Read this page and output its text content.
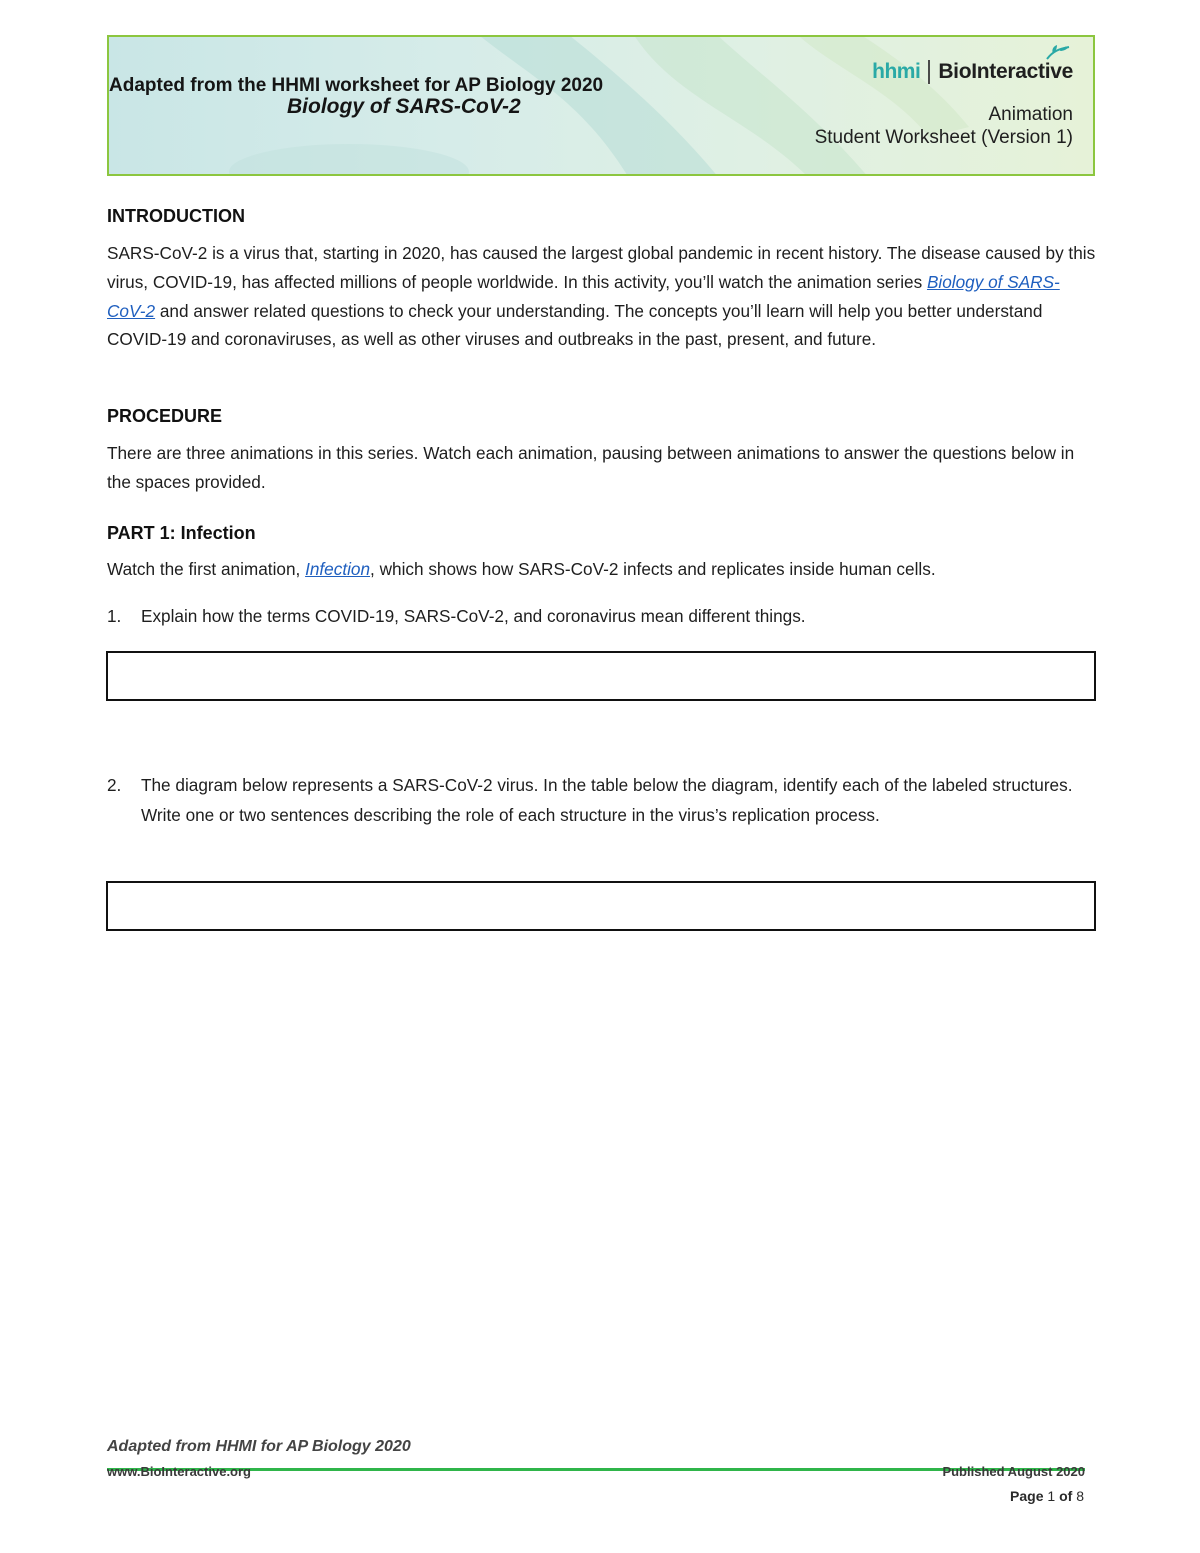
Adapted from the HHMI worksheet for AP Biology 2020
Biology of SARS-CoV-2
hhmi BioInteractive
Animation
Student Worksheet (Version 1)
INTRODUCTION
SARS-CoV-2 is a virus that, starting in 2020, has caused the largest global pandemic in recent history. The disease caused by this virus, COVID-19, has affected millions of people worldwide. In this activity, you’ll watch the animation series Biology of SARS-CoV-2 and answer related questions to check your understanding. The concepts you’ll learn will help you better understand COVID-19 and coronaviruses, as well as other viruses and outbreaks in the past, present, and future.
PROCEDURE
There are three animations in this series. Watch each animation, pausing between animations to answer the questions below in the spaces provided.
PART 1: Infection
Watch the first animation, Infection, which shows how SARS-CoV-2 infects and replicates inside human cells.
1. Explain how the terms COVID-19, SARS-CoV-2, and coronavirus mean different things.
2. The diagram below represents a SARS-CoV-2 virus. In the table below the diagram, identify each of the labeled structures. Write one or two sentences describing the role of each structure in the virus’s replication process.
Adapted from HHMI for AP Biology 2020
www.BioInteractive.org	Published August 2020
Page 1 of 8
